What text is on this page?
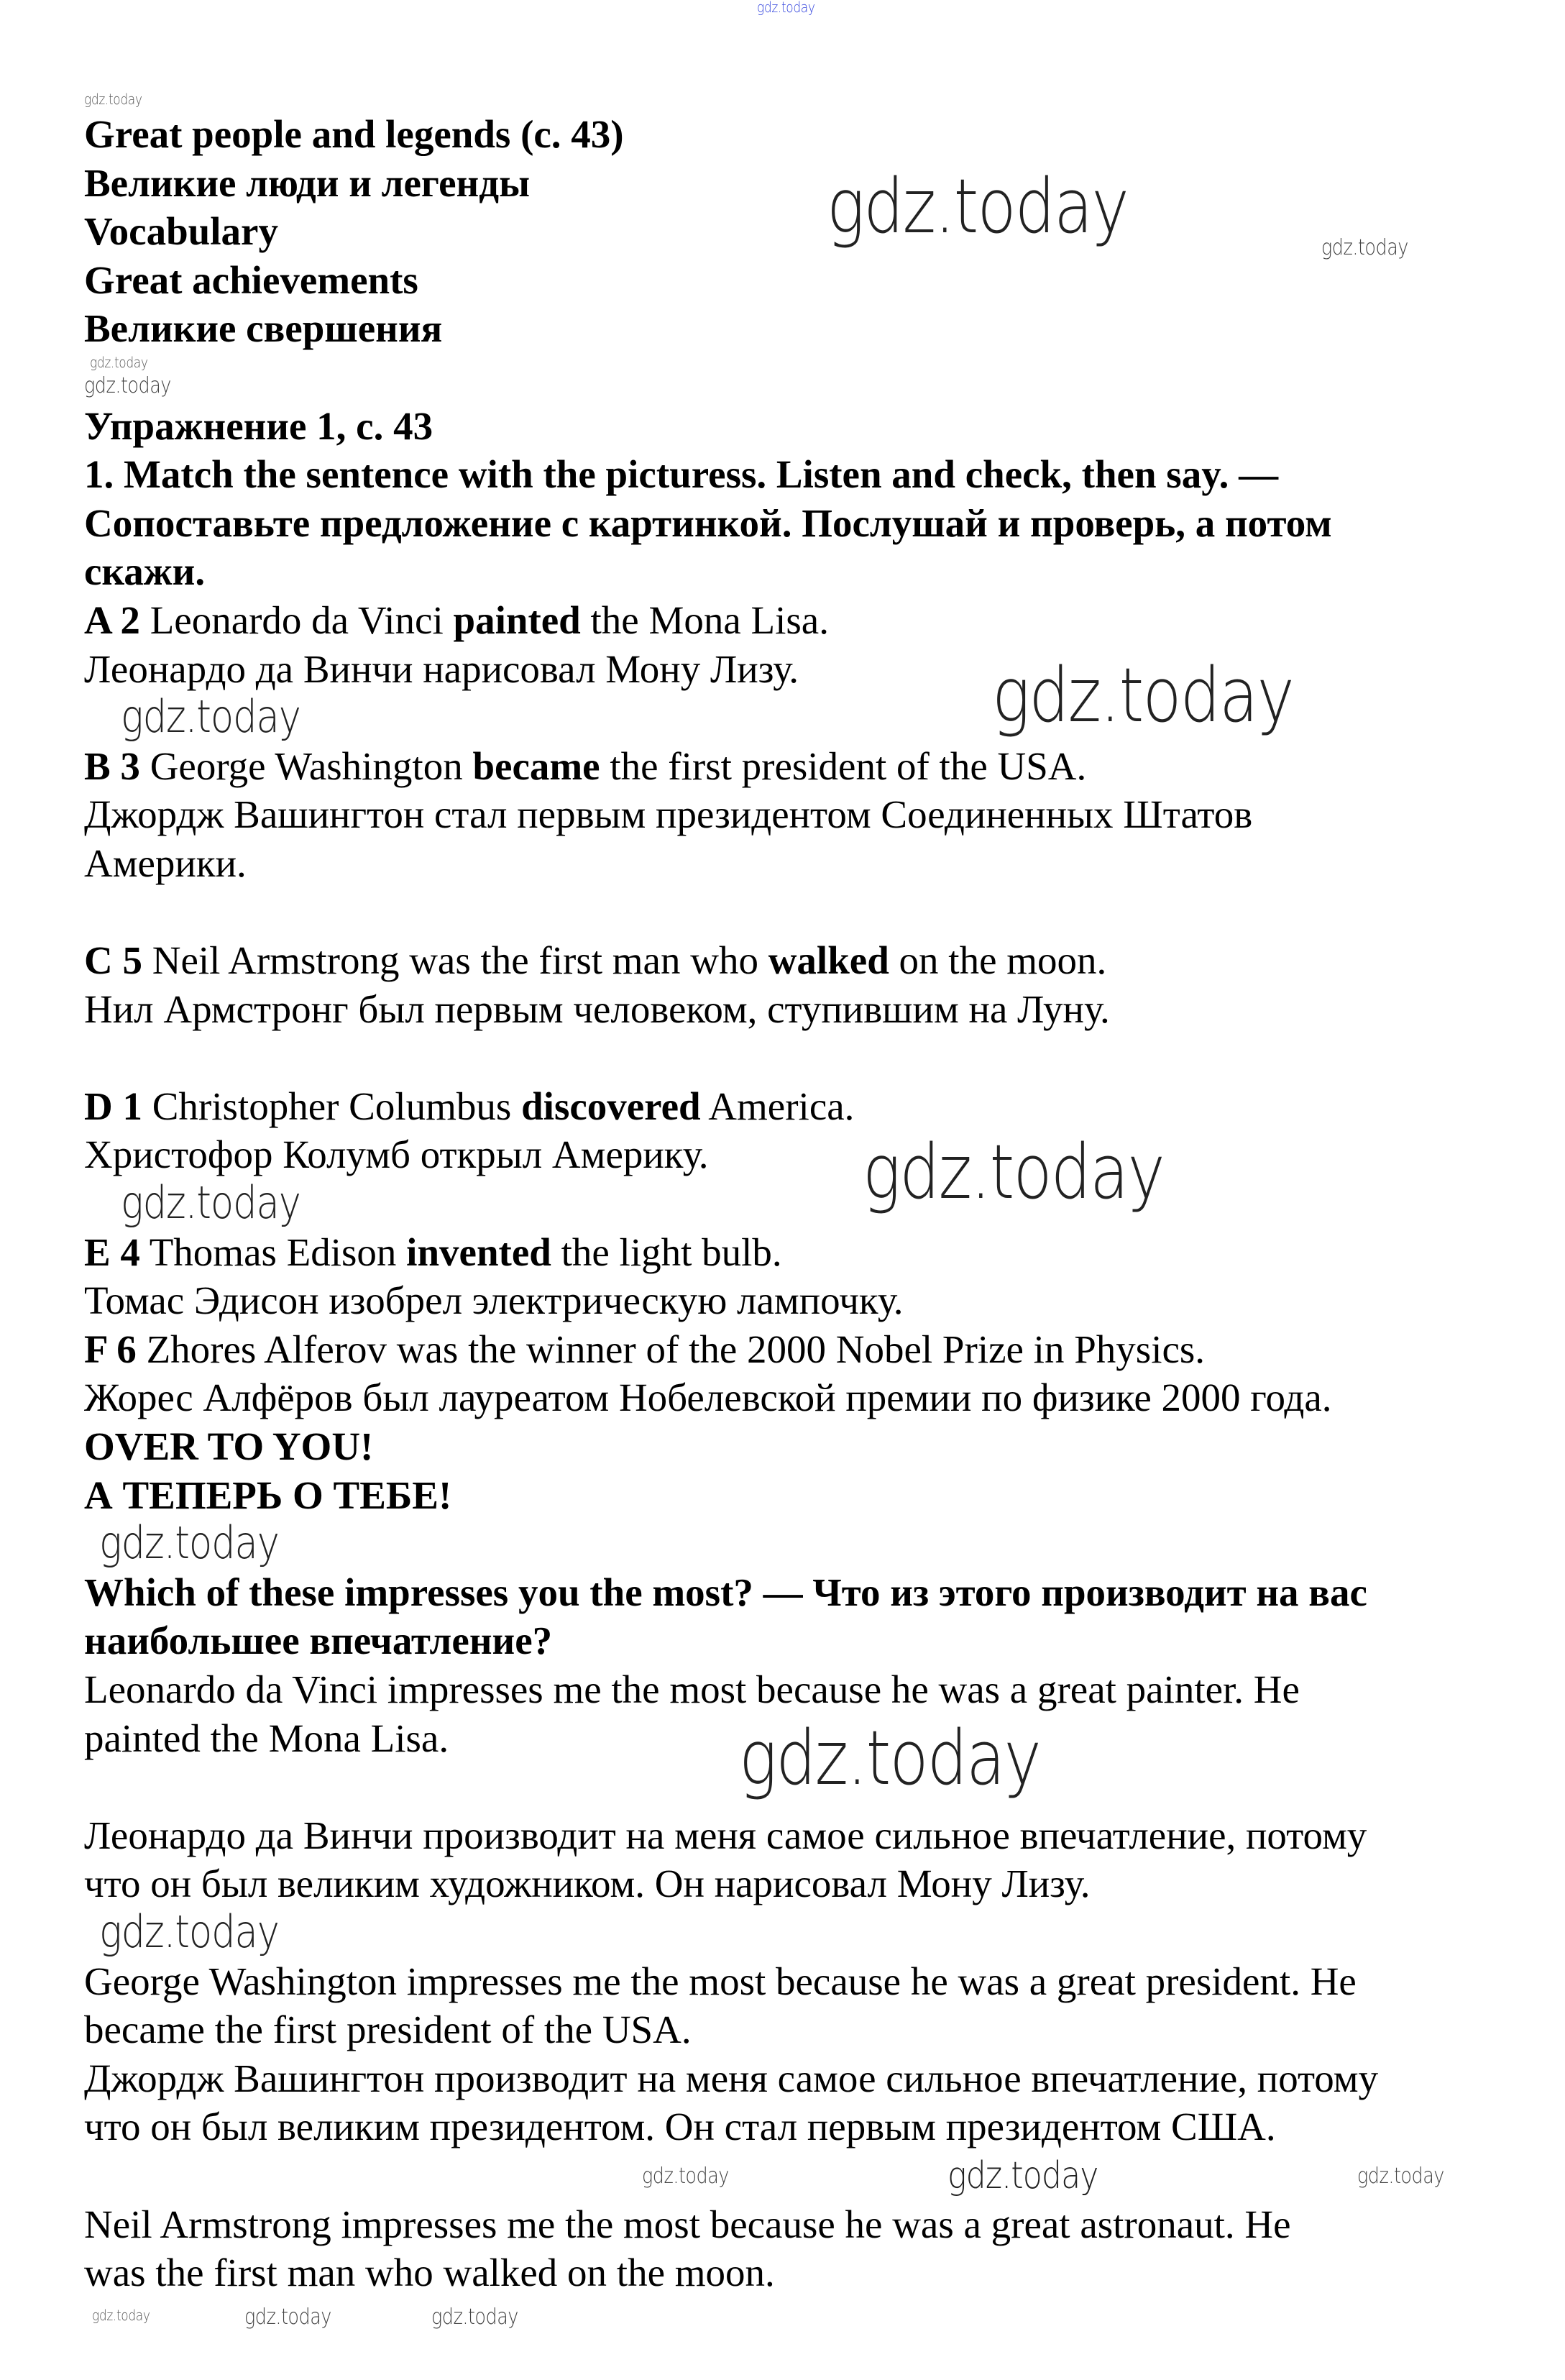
Great people and legends (с. 43)
Великие люди и легенды
Vocabulary
Great achievements
Великие свершения
Упражнение 1, с. 43
1. Match the sentence with the picturess. Listen and check, then say. —
Сопоставьте предложение с картинкой. Послушай и проверь, а потом
скажи.
A 2 Leonardo da Vinci painted the Mona Lisa.
Леонардо да Винчи нарисовал Мону Лизу.
B 3 George Washington became the first president of the USA.
Джордж Вашингтон стал первым президентом Соединенных Штатов
Америки.
C 5 Neil Armstrong was the first man who walked on the moon.
Нил Армстронг был первым человеком, ступившим на Луну.
D 1 Christopher Columbus discovered America.
Христофор Колумб открыл Америку.
E 4 Thomas Edison invented the light bulb.
Томас Эдисон изобрел электрическую лампочку.
F 6 Zhores Alferov was the winner of the 2000 Nobel Prize in Physics.
Жорес Алфёров был лауреатом Нобелевской премии по физике 2000 года.
OVER TO YOU!
А ТЕПЕРЬ О ТЕБЕ!
Which of these impresses you the most? — Что из этого производит на вас
наибольшее впечатление?
Leonardo da Vinci impresses me the most because he was a great painter. He
painted the Mona Lisa.
Леонардо да Винчи производит на меня самое сильное впечатление, потому
что он был великим художником. Он нарисовал Мону Лизу.
George Washington impresses me the most because he was a great president. He
became the first president of the USA.
Джордж Вашингтон производит на меня самое сильное впечатление, потому
что он был великим президентом. Он стал первым президентом США.
Neil Armstrong impresses me the most because he was a great astronaut. He
was the first man who walked on the moon.
gdz.today
gdz.today
gdz.today	gdz.today
gdz.today
gdz.today
gdz.today
gdz.today
gdz.today
gdz.today
gdz.today
gdz.today
gdz.today
gdz.today	gdz.today	gdz.today
gdz.today	gdz.today	gdz.today
